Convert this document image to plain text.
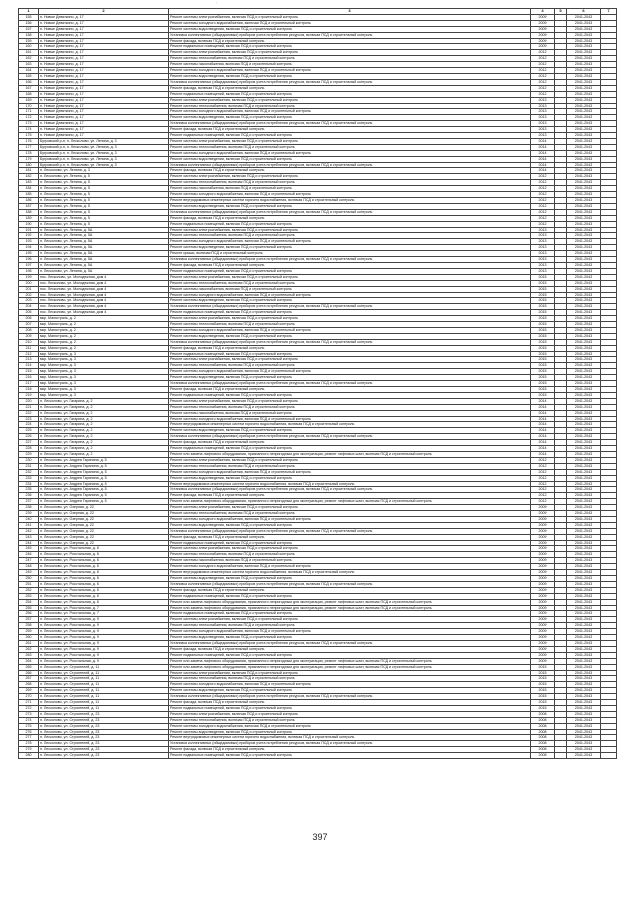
'
1	2	3	4	5	6	7
155	п. Новые Девяткино, д. 17	Ремонт системы электроснабжения, включая ПСД и строительный контроль	2009		2041-2043	
156	п. Новые Девяткино, д. 17	Ремонт системы холодного водоснабжения, включая ПСД и строительный контроль	2009		2041-2043	
157	п. Новые Девяткино, д. 17	Ремонт системы водоотведения, включая ПСД и строительный контроль	2009		2041-2043	
158	п. Новые Девяткино, д. 17	Установка коллективных (общедомовых) приборов учета потребления ресурсов, включая ПСД и строительный контроль	2009		2041-2043	
159	п. Новые Девяткино, д. 17	Ремонт фасада, включая ПСД и строительный контроль	2009		2041-2043	
160	п. Новые Девяткино, д. 17	Ремонт подвальных помещений, включая ПСД и строительный контроль	2009		2041-2043	
161	п. Новые Девяткино, д. 17	Ремонт системы электроснабжения, включая ПСД и строительный контроль	2012		2041-2043	
162	п. Новые Девяткино, д. 17	Ремонт системы теплоснабжения, включая ПСД и строительный контроль	2012		2041-2043	
163	п. Новые Девяткино, д. 17	Ремонт системы газоснабжения, включая ПСД и строительный контроль	2012		2041-2043	
164	п. Новые Девяткино, д. 17	Ремонт системы холодного водоснабжения, включая ПСД и строительный контроль	2012		2041-2043	
165	п. Новые Девяткино, д. 17	Ремонт системы водоотведения, включая ПСД и строительный контроль	2012		2041-2043	
166	п. Новые Девяткино, д. 17	Установка коллективных (общедомовых) приборов учета потребления ресурсов, включая ПСД и строительный контроль	2012		2041-2043	
167	п. Новые Девяткино, д. 17	Ремонт фасада, включая ПСД и строительный контроль	2012		2041-2043	
168	п. Новые Девяткино, д. 17	Ремонт подвальных помещений, включая ПСД и строительный контроль	2012		2041-2043	
169	п. Новые Девяткино, д. 17	Ремонт системы электроснабжения, включая ПСД и строительный контроль	2013		2041-2043	
170	п. Новые Девяткино, д. 17	Ремонт системы теплоснабжения, включая ПСД и строительный контроль	2013		2041-2043	
171	п. Новые Девяткино, д. 17	Ремонт системы холодного водоснабжения, включая ПСД и строительный контроль	2013		2041-2043	
172	п. Новые Девяткино, д. 17	Ремонт системы водоотведения, включая ПСД и строительный контроль	2013		2041-2043	
173	п. Новые Девяткино, д. 17	Установка коллективных (общедомовых) приборов учета потребления ресурсов, включая ПСД и строительный контроль	2013		2041-2043	
174	п. Новые Девяткино, д. 17	Ремонт фасада, включая ПСД и строительный контроль	2013		2041-2043	
175	п. Новые Девяткино, д. 17	Ремонт подвальных помещений, включая ПСД и строительный контроль	2013		2041-2043	
176	Бугровский р-н, п. Лесколово, ул. Ленина, д. 3	Ремонт системы электроснабжения, включая ПСД и строительный контроль	2014		2041-2043	
177	Бугровский р-н, п. Лесколово, ул. Ленина, д. 3	Ремонт системы теплоснабжения, включая ПСД и строительный контроль	2014		2041-2043	
178	Бугровский р-н, п. Лесколово, ул. Ленина, д. 3	Ремонт системы холодного водоснабжения, включая ПСД и строительный контроль	2014		2041-2043	
179	Бугровский р-н, п. Лесколово, ул. Ленина, д. 3	Ремонт системы водоотведения, включая ПСД и строительный контроль	2014		2041-2043	
180	Бугровский р-н, п. Лесколово, ул. Ленина, д. 3	Установка коллективных (общедомовых) приборов учета потребления ресурсов, включая ПСД и строительный контроль	2014		2041-2043	
181	п. Лесколово, ул. Ленина, д. 3	Ремонт фасада, включая ПСД и строительный контроль	2014		2041-2043	
182	п. Лесколово, ул. Ленина, д. 5	Ремонт системы электроснабжения, включая ПСД и строительный контроль	2012		2041-2043	
183	п. Лесколово, ул. Ленина, д. 5	Ремонт системы теплоснабжения, включая ПСД и строительный контроль	2012		2041-2043	
184	п. Лесколово, ул. Ленина, д. 5	Ремонт системы газоснабжения, включая ПСД и строительный контроль	2012		2041-2043	
185	п. Лесколово, ул. Ленина, д. 5	Ремонт системы холодного водоснабжения, включая ПСД и строительный контроль	2012		2041-2043	
186	п. Лесколово, ул. Ленина, д. 5	Ремонт внутридомовых инженерных систем горячего водоснабжения, включая ПСД и строительный контроль	2012		2041-2043	
187	п. Лесколово, ул. Ленина, д. 5	Ремонт системы водоотведения, включая ПСД и строительный контроль	2012		2041-2043	
188	п. Лесколово, ул. Ленина, д. 5	Установка коллективных (общедомовых) приборов учета потребления ресурсов, включая ПСД и строительный контроль	2012		2041-2043	
189	п. Лесколово, ул. Ленина, д. 5	Ремонт фасада, включая ПСД и строительный контроль	2012		2041-2043	
190	п. Лесколово, ул. Ленина, д. 5	Ремонт подвальных помещений, включая ПСД и строительный контроль	2012		2041-2043	
191	п. Лесколово, ул. Ленина, д. 5А	Ремонт системы электроснабжения, включая ПСД и строительный контроль	2013		2041-2043	
192	п. Лесколово, ул. Ленина, д. 5А	Ремонт системы теплоснабжения, включая ПСД и строительный контроль	2013		2041-2043	
193	п. Лесколово, ул. Ленина, д. 5А	Ремонт системы холодного водоснабжения, включая ПСД и строительный контроль	2013		2041-2043	
194	п. Лесколово, ул. Ленина, д. 5А	Ремонт системы водоотведения, включая ПСД и строительный контроль	2013		2041-2043	
195	п. Лесколово, ул. Ленина, д. 5А	Ремонт крыши, включая ПСД и строительный контроль	2013		2041-2043	
196	п. Лесколово, ул. Ленина, д. 5А	Установка коллективных (общедомовых) приборов учета потребления ресурсов, включая ПСД и строительный контроль	2013		2041-2043	
197	п. Лесколово, ул. Ленина, д. 5А	Ремонт фасада, включая ПСД и строительный контроль	2013		2041-2043	
198	п. Лесколово, ул. Ленина, д. 5А	Ремонт подвальных помещений, включая ПСД и строительный контроль	2013		2041-2043	
199	пос. Лесколово, ул. Молодежная, дом 4	Ремонт системы электроснабжения, включая ПСД и строительный контроль	2015		2041-2043	
200	пос. Лесколово, ул. Молодежная, дом 4	Ремонт системы теплоснабжения, включая ПСД и строительный контроль	2015		2041-2043	
201	пос. Лесколово, ул. Молодежная, дом 4	Ремонт системы газоснабжения, включая ПСД и строительный контроль	2015		2041-2043	
202	пос. Лесколово, ул. Молодежная, дом 4	Ремонт системы холодного водоснабжения, включая ПСД и строительный контроль	2015		2041-2043	
203	пос. Лесколово, ул. Молодежная, дом 4	Ремонт системы водоотведения, включая ПСД и строительный контроль	2015		2041-2043	
204	пос. Лесколово, ул. Молодежная, дом 4	Установка коллективных (общедомовых) приборов учета потребления ресурсов, включая ПСД и строительный контроль	2015		2041-2043	
205	пос. Лесколово, ул. Молодежная, дом 4	Ремонт подвальных помещений, включая ПСД и строительный контроль	2015		2041-2043	
206	мкр. Магистраль, д. 2	Ремонт системы электроснабжения, включая ПСД и строительный контроль	2015		2041-2043	
207	мкр. Магистраль, д. 2	Ремонт системы теплоснабжения, включая ПСД и строительный контроль	2015		2041-2043	
208	мкр. Магистраль, д. 2	Ремонт системы холодного водоснабжения, включая ПСД и строительный контроль	2015		2041-2043	
209	мкр. Магистраль, д. 2	Ремонт системы водоотведения, включая ПСД и строительный контроль	2015		2041-2043	
210	мкр. Магистраль, д. 2	Установка коллективных (общедомовых) приборов учета потребления ресурсов, включая ПСД и строительный контроль	2015		2041-2043	
211	мкр. Магистраль, д. 2	Ремонт фасада, включая ПСД и строительный контроль	2015		2041-2043	
212	мкр. Магистраль, д. 3	Ремонт подвальных помещений, включая ПСД и строительный контроль	2015		2041-2043	
213	мкр. Магистраль, д. 3	Ремонт системы электроснабжения, включая ПСД и строительный контроль	2015		2041-2043	
214	мкр. Магистраль, д. 3	Ремонт системы теплоснабжения, включая ПСД и строительный контроль	2015		2041-2043	
215	мкр. Магистраль, д. 3	Ремонт системы холодного водоснабжения, включая ПСД и строительный контроль	2015		2041-2043	
216	мкр. Магистраль, д. 3	Ремонт системы водоотведения, включая ПСД и строительный контроль	2015		2041-2043	
217	мкр. Магистраль, д. 3	Установка коллективных (общедомовых) приборов учета потребления ресурсов, включая ПСД и строительный контроль	2015		2041-2043	
218	мкр. Магистраль, д. 3	Ремонт фасада, включая ПСД и строительный контроль	2015		2041-2043	
219	мкр. Магистраль, д. 3	Ремонт подвальных помещений, включая ПСД и строительный контроль	2015		2041-2043	
220	п. Лесколово, ул. Гагарина, д. 2	Ремонт системы электроснабжения, включая ПСД и строительный контроль	2014		2041-2043	
221	п. Лесколово, ул. Гагарина, д. 2	Ремонт системы теплоснабжения, включая ПСД и строительный контроль	2014		2041-2043	
222	п. Лесколово, ул. Гагарина, д. 2	Ремонт системы газоснабжения, включая ПСД и строительный контроль	2014		2041-2043	
223	п. Лесколово, ул. Гагарина, д. 2	Ремонт системы холодного водоснабжения, включая ПСД и строительный контроль	2014		2041-2043	
224	п. Лесколово, ул. Гагарина, д. 2	Ремонт внутридомовых инженерных систем горячего водоснабжения, включая ПСД и строительный контроль	2014		2041-2043	
225	п. Лесколово, ул. Гагарина, д. 2	Ремонт системы водоотведения, включая ПСД и строительный контроль	2014		2041-2043	
226	п. Лесколово, ул. Гагарина, д. 2	Установка коллективных (общедомовых) приборов учета потребления ресурсов, включая ПСД и строительный контроль	2014		2041-2043	
227	п. Лесколово, ул. Гагарина, д. 2	Ремонт фасада, включая ПСД и строительный контроль	2014		2041-2043	
228	п. Лесколово, ул. Гагарина, д. 2	Ремонт подвальных помещений, включая ПСД и строительный контроль	2014		2041-2043	
229	п. Лесколово, ул. Гагарина, д. 2	Ремонт или замена лифтового оборудования, признанного непригодным для эксплуатации, ремонт лифтовых шахт, включая ПСД и строительный контроль	2014		2041-2043	
230	п. Лесколово, ул. Андрея Гаранина, д. 5	Ремонт системы электроснабжения, включая ПСД и строительный контроль	2012		2041-2043	
231	п. Лесколово, ул. Андрея Гаранина, д. 5	Ремонт системы теплоснабжения, включая ПСД и строительный контроль	2012		2041-2043	
232	п. Лесколово, ул. Андрея Гаранина, д. 5	Ремонт системы холодного водоснабжения, включая ПСД и строительный контроль	2012		2041-2043	
233	п. Лесколово, ул. Андрея Гаранина, д. 5	Ремонт системы водоотведения, включая ПСД и строительный контроль	2012		2041-2043	
234	п. Лесколово, ул. Андрея Гаранина, д. 5	Ремонт внутридомовых инженерных систем горячего водоснабжения, включая ПСД и строительный контроль	2012		2041-2043	
235	п. Лесколово, ул. Андрея Гаранина, д. 5	Установка коллективных (общедомовых) приборов учета потребления ресурсов, включая ПСД и строительный контроль	2012		2041-2043	
236	п. Лесколово, ул. Андрея Гаранина, д. 5	Ремонт фасада, включая ПСД и строительный контроль	2012		2041-2043	
237	п. Лесколово, ул. Андрея Гаранина, д. 5	Ремонт или замена лифтового оборудования, признанного непригодным для эксплуатации, ремонт лифтовых шахт, включая ПСД и строительный контроль	2012		2041-2043	
238	п. Лесколово, ул. Озерная, д. 22	Ремонт системы электроснабжения, включая ПСД и строительный контроль	2009		2041-2043	
239	п. Лесколово, ул. Озерная, д. 22	Ремонт системы теплоснабжения, включая ПСД и строительный контроль	2009		2041-2043	
240	п. Лесколово, ул. Озерная, д. 22	Ремонт системы холодного водоснабжения, включая ПСД и строительный контроль	2009		2041-2043	
241	п. Лесколово, ул. Озерная, д. 22	Ремонт системы водоотведения, включая ПСД и строительный контроль	2009		2041-2043	
242	п. Лесколово, ул. Озерная, д. 22	Установка коллективных (общедомовых) приборов учета потребления ресурсов, включая ПСД и строительный контроль	2009		2041-2043	
243	п. Лесколово, ул. Озерная, д. 22	Ремонт фасада, включая ПСД и строительный контроль	2009		2041-2043	
244	п. Лесколово, ул. Озерная, д. 22	Ремонт подвальных помещений, включая ПСД и строительный контроль	2009		2041-2043	
245	п. Лесколово, ул. Росстальная, д. 6	Ремонт системы электроснабжения, включая ПСД и строительный контроль	2009		2041-2043	
246	п. Лесколово, ул. Росстальная, д. 6	Ремонт системы теплоснабжения, включая ПСД и строительный контроль	2009		2041-2043	
247	п. Лесколово, ул. Росстальная, д. 6	Ремонт системы газоснабжения, включая ПСД и строительный контроль	2009		2041-2043	
248	п. Лесколово, ул. Росстальная, д. 6	Ремонт системы холодного водоснабжения, включая ПСД и строительный контроль	2009		2041-2043	
249	п. Лесколово, ул. Росстальная, д. 6	Ремонт внутридомовых инженерных систем горячего водоснабжения, включая ПСД и строительный контроль	2009		2041-2043	
250	п. Лесколово, ул. Росстальная, д. 6	Ремонт системы водоотведения, включая ПСД и строительный контроль	2009		2041-2043	
251	п. Лесколово, ул. Росстальная, д. 6	Установка коллективных (общедомовых) приборов учета потребления ресурсов, включая ПСД и строительный контроль	2009		2041-2043	
252	п. Лесколово, ул. Росстальная, д. 6	Ремонт фасада, включая ПСД и строительный контроль	2009		2041-2043	
253	п. Лесколово, ул. Росстальная, д. 6	Ремонт подвальных помещений, включая ПСД и строительный контроль	2009		2041-2043	
254	п. Лесколово, ул. Росстальная, д. 6	Ремонт или замена лифтового оборудования, признанного непригодным для эксплуатации, ремонт лифтовых шахт, включая ПСД и строительный контроль	2009		2041-2043	
255	п. Лесколово, ул. Росстальная, д. 7	Ремонт или замена лифтового оборудования, признанного непригодным для эксплуатации, ремонт лифтовых шахт, включая ПСД и строительный контроль	2009		2041-2043	
256	п. Лесколово, ул. Росстальная, д. 7	Ремонт подвальных помещений, включая ПСД и строительный контроль	2009		2041-2043	
257	п. Лесколово, ул. Росстальная, д. 9	Ремонт системы электроснабжения, включая ПСД и строительный контроль	2009		2041-2043	
258	п. Лесколово, ул. Росстальная, д. 9	Ремонт системы теплоснабжения, включая ПСД и строительный контроль	2009		2041-2043	
259	п. Лесколово, ул. Росстальная, д. 9	Ремонт системы холодного водоснабжения, включая ПСД и строительный контроль	2009		2041-2043	
260	п. Лесколово, ул. Росстальная, д. 9	Ремонт системы водоотведения, включая ПСД и строительный контроль	2009		2041-2043	
261	п. Лесколово, ул. Росстальная, д. 9	Установка коллективных (общедомовых) приборов учета потребления ресурсов, включая ПСД и строительный контроль	2009		2041-2043	
262	п. Лесколово, ул. Росстальная, д. 9	Ремонт фасада, включая ПСД и строительный контроль	2009		2041-2043	
263	п. Лесколово, ул. Росстальная, д. 9	Ремонт подвальных помещений, включая ПСД и строительный контроль	2009		2041-2043	
264	п. Лесколово, ул. Росстальная, д. 9	Ремонт или замена лифтового оборудования, признанного непригодным для эксплуатации, ремонт лифтовых шахт, включая ПСД и строительный контроль	2009		2041-2043	
265	п. Лесколово, ул. Строителей, д. 11	Ремонт или замена лифтового оборудования, признанного непригодным для эксплуатации, ремонт лифтовых шахт, включая ПСД и строительный контроль	2015		2041-2043	
266	п. Лесколово, ул. Строителей, д. 11	Ремонт системы электроснабжения, включая ПСД и строительный контроль	2015		2041-2043	
267	п. Лесколово, ул. Строителей, д. 11	Ремонт системы теплоснабжения, включая ПСД и строительный контроль	2015		2041-2043	
268	п. Лесколово, ул. Строителей, д. 11	Ремонт системы холодного водоснабжения, включая ПСД и строительный контроль	2015		2041-2043	
269	п. Лесколово, ул. Строителей, д. 11	Ремонт системы водоотведения, включая ПСД и строительный контроль	2015		2041-2043	
270	п. Лесколово, ул. Строителей, д. 11	Установка коллективных (общедомовых) приборов учета потребления ресурсов, включая ПСД и строительный контроль	2015		2041-2043	
271	п. Лесколово, ул. Строителей, д. 11	Ремонт фасада, включая ПСД и строительный контроль	2015		2041-2043	
272	п. Лесколово, ул. Строителей, д. 11	Ремонт подвальных помещений, включая ПСД и строительный контроль	2015		2041-2043	
273	п. Лесколово, ул. Строителей, д. 23	Ремонт системы электроснабжения, включая ПСД и строительный контроль	2008		2041-2043	
274	п. Лесколово, ул. Строителей, д. 23	Ремонт системы теплоснабжения, включая ПСД и строительный контроль	2008		2041-2043	
275	п. Лесколово, ул. Строителей, д. 23	Ремонт системы холодного водоснабжения, включая ПСД и строительный контроль	2008		2041-2043	
276	п. Лесколово, ул. Строителей, д. 23	Ремонт системы водоотведения, включая ПСД и строительный контроль	2008		2041-2043	
277	п. Лесколово, ул. Строителей, д. 23	Ремонт внутридомовых инженерных систем горячего водоснабжения, включая ПСД и строительный контроль	2008		2041-2043	
278	п. Лесколово, ул. Строителей, д. 23	Установка коллективных (общедомовых) приборов учета потребления ресурсов, включая ПСД и строительный контроль	2008		2041-2043	
279	п. Лесколово, ул. Строителей, д. 23	Ремонт фасада, включая ПСД и строительный контроль	2008		2041-2043	
280	п. Лесколово, ул. Строителей, д. 23	Ремонт подвальных помещений, включая ПСД и строительный контроль	2008		2041-2043	
397
